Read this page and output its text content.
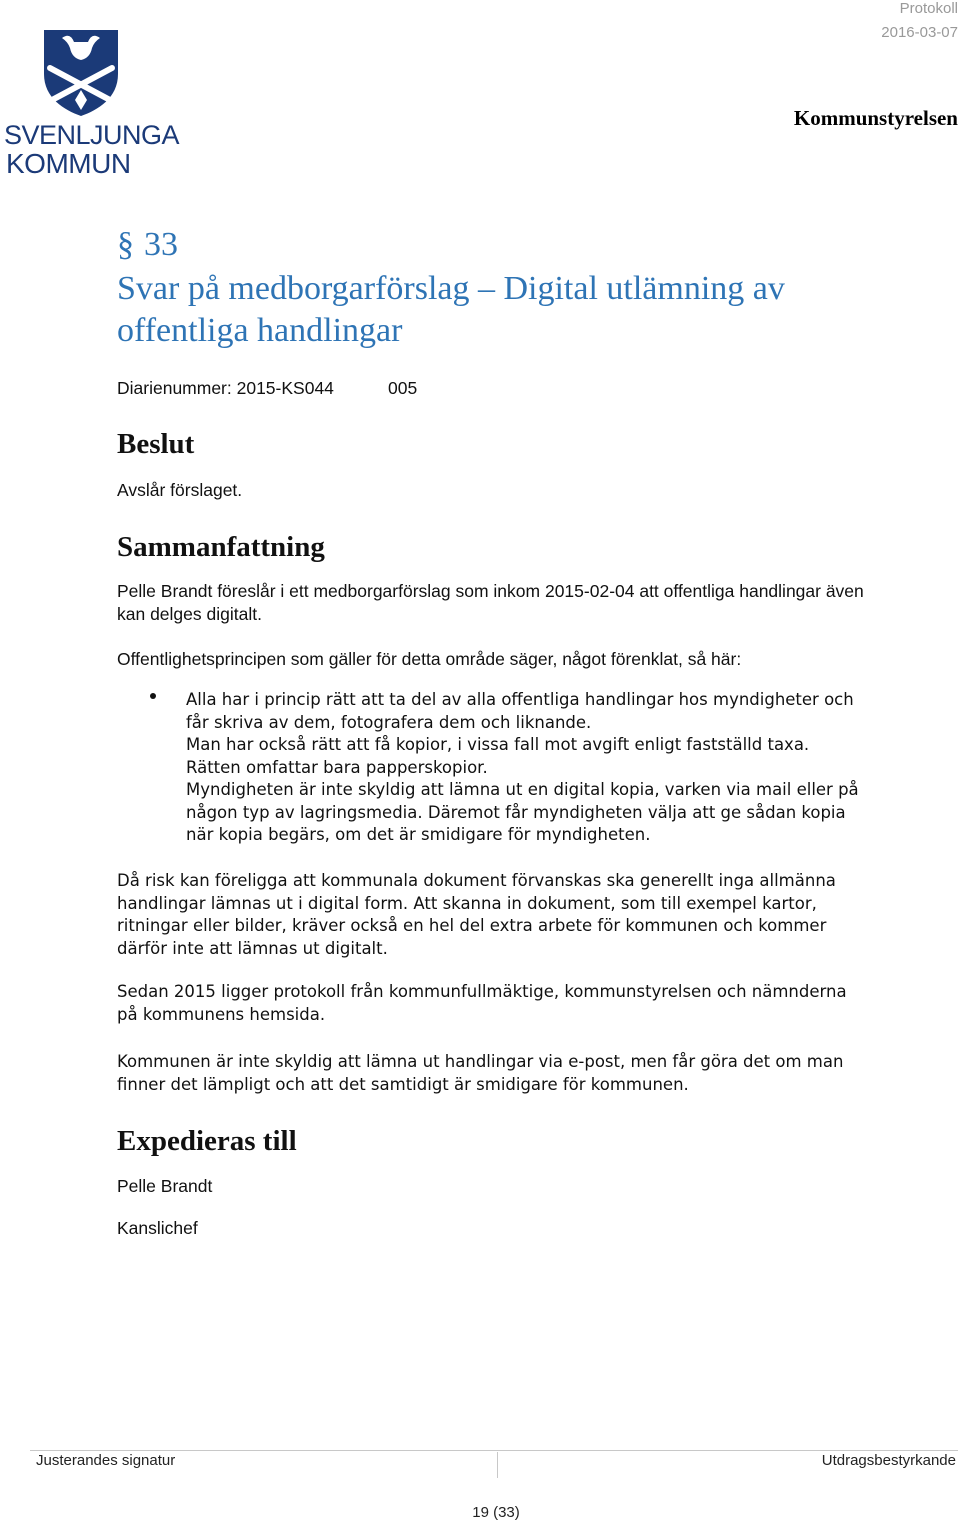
SVENLJUNGA
KOMMUN
Protokoll
2016-03-07
Kommunstyrelsen
§ 33
Svar på medborgarförslag – Digital utlämning av offentliga handlingar
Diarienummer: 2015-KS044	005
Beslut
Avslår förslaget.
Sammanfattning
Pelle Brandt föreslår i ett medborgarförslag som inkom 2015-02-04 att offentliga handlingar även kan delges digitalt.
Offentlighetsprincipen som gäller för detta område säger, något förenklat, så här:
Alla har i princip rätt att ta del av alla offentliga handlingar hos myndigheter och
får skriva av dem, fotografera dem och liknande.
Man har också rätt att få kopior, i vissa fall mot avgift enligt fastställd taxa.
Rätten omfattar bara papperskopior.
Myndigheten är inte skyldig att lämna ut en digital kopia, varken via mail eller på
någon typ av lagringsmedia. Däremot får myndigheten välja att ge sådan kopia
när kopia begärs, om det är smidigare för myndigheten.
Då risk kan föreligga att kommunala dokument förvanskas ska generellt inga allmänna
handlingar lämnas ut i digital form. Att skanna in dokument, som till exempel kartor,
ritningar eller bilder, kräver också en hel del extra arbete för kommunen och kommer
därför inte att lämnas ut digitalt.
Sedan 2015 ligger protokoll från kommunfullmäktige, kommunstyrelsen och nämnderna
på kommunens hemsida.
Kommunen är inte skyldig att lämna ut handlingar via e-post, men får göra det om man
finner det lämpligt och att det samtidigt är smidigare för kommunen.
Expedieras till
Pelle Brandt
Kanslichef
Justerandes signatur	Utdragsbestyrkande
19 (33)
